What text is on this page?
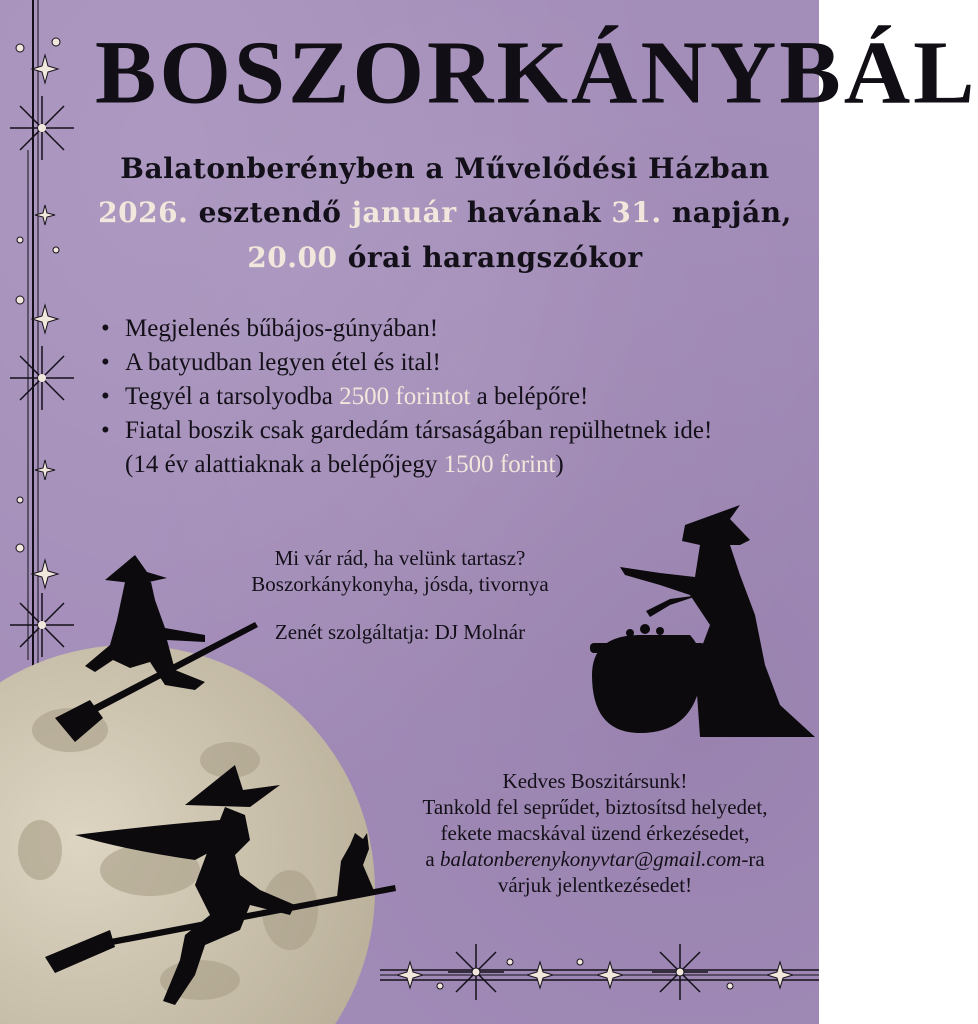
BOSZORKÁNYBÁL

Balatonberényben a Művelődési Házban

2026. esztendő január havának 31. napján,

20.00 órai harangszókor

• Megjelenés bűbájos-gúnyában!
• A batyudban legyen étel és ital!
• Tegyél a tarsolyodba 2500 forintot a belépőre!
• Fiatal boszik csak gardedám társaságában repülhetnek ide!
(14 év alattiaknak a belépőjegy 1500 forint)
Mi vár rád, ha velünk tartasz?
Boszorkánykonyha, jósda, tivornya
Zenét szolgáltatja: DJ Molnár
Kedves Boszitársunk!
Tankold fel seprűdet, biztosítsd helyedet,
fekete macskával üzend érkezésedet,
a balatonberenykonyvtar@gmail.com-ra
várjuk jelentkezésedet!
